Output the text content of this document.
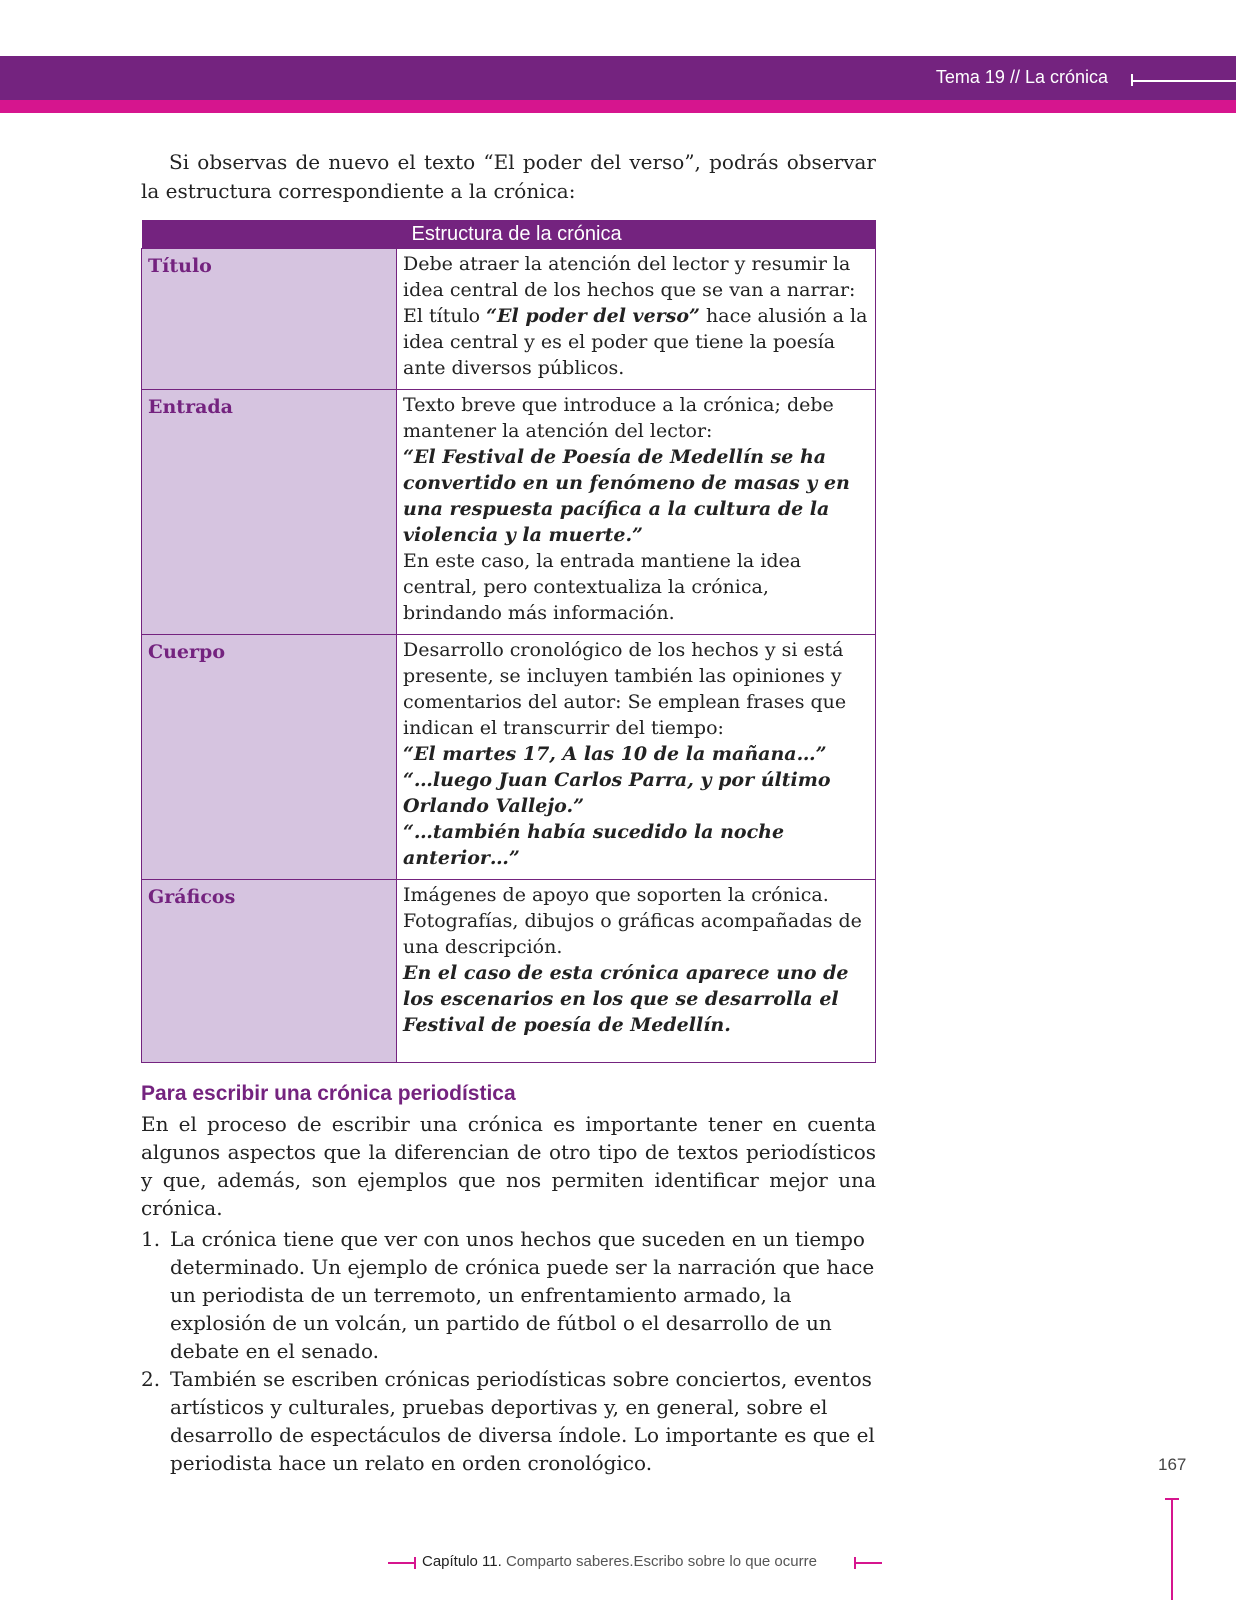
Tema 19 // La crónica

Si observas de nuevo el texto “El poder del verso”, podrás observar la estructura correspondiente a la crónica:

Estructura de la crónica	
Título	Debe atraer la atención del lector y resumir la idea central de los hechos que se van a narrar:

El título “El poder del verso” hace alusión a la idea central y es el poder que tiene la poesía ante diversos públicos.

Entrada	Texto breve que introduce a la crónica; debe mantener la atención del lector:

“El Festival de Poesía de Medellín se ha convertido en un fenómeno de masas y en una respuesta pacífica a la cultura de la violencia y la muerte.”

En este caso, la entrada mantiene la idea central, pero contextualiza la crónica, brindando más información.

Cuerpo	Desarrollo cronológico de los hechos y si está presente, se incluyen también las opiniones y comentarios del autor: Se emplean frases que indican el transcurrir del tiempo:

“El martes 17, A las 10 de la mañana…”

“…luego Juan Carlos Parra, y por último Orlando Vallejo.”

“…también había sucedido la noche anterior…”

Gráficos	Imágenes de apoyo que soporten la crónica. Fotografías, dibujos o gráficas acompañadas de una descripción.

En el caso de esta crónica aparece uno de los escenarios en los que se desarrolla el Festival de poesía de Medellín.

Para escribir una crónica periodística

En el proceso de escribir una crónica es importante tener en cuenta algunos aspectos que la diferencian de otro tipo de textos periodísticos y que, además, son ejemplos que nos permiten identificar mejor una crónica.

1. La crónica tiene que ver con unos hechos que suceden en un tiempo determinado. Un ejemplo de crónica puede ser la narración que hace un periodista de un terremoto, un enfrentamiento armado, la explosión de un volcán, un partido de fútbol o el desarrollo de un debate en el senado.
2. También se escriben crónicas periodísticas sobre conciertos, eventos artísticos y culturales, pruebas deportivas y, en general, sobre el desarrollo de espectáculos de diversa índole. Lo importante es que el periodista hace un relato en orden cronológico.	167
Capítulo 11. Comparto saberes.Escribo sobre lo que ocurre
